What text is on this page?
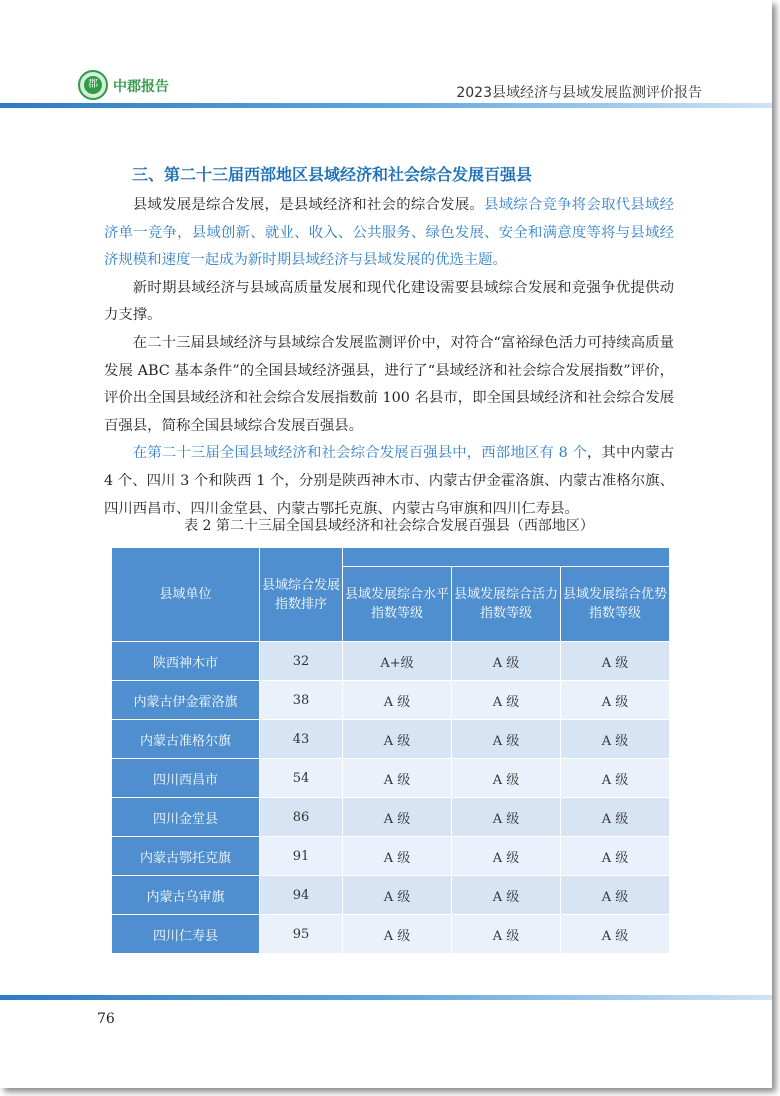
郡 中郡报告	2023县域经济与县域发展监测评价报告
三、第二十三届西部地区县域经济和社会综合发展百强县

县域发展是综合发展，是县域经济和社会的综合发展。县域综合竞争将会取代县域经济单一竞争，县域创新、就业、收入、公共服务、绿色发展、安全和满意度等将与县域经济规模和速度一起成为新时期县域经济与县域发展的优选主题。

新时期县域经济与县域高质量发展和现代化建设需要县域综合发展和竞强争优提供动力支撑。

在二十三届县域经济与县域综合发展监测评价中，对符合“富裕绿色活力可持续高质量发展 ABC 基本条件”的全国县域经济强县，进行了“县域经济和社会综合发展指数”评价，评价出全国县域经济和社会综合发展指数前 100 名县市，即全国县域经济和社会综合发展百强县，简称全国县域综合发展百强县。

在第二十三届全国县域经济和社会综合发展百强县中，西部地区有 8 个，其中内蒙古 4 个、四川 3 个和陕西 1 个，分别是陕西神木市、内蒙古伊金霍洛旗、内蒙古准格尔旗、四川西昌市、四川金堂县、内蒙古鄂托克旗、内蒙古乌审旗和四川仁寿县。

表 2 第二十三届全国县域经济和社会综合发展百强县（西部地区）
县域单位	县域综合发展指数排序			
		县域发展综合水平指数等级	县域发展综合活力指数等级	县域发展综合优势指数等级
陕西神木市	32	A+级	A 级	A 级
内蒙古伊金霍洛旗	38	A 级	A 级	A 级
内蒙古准格尔旗	43	A 级	A 级	A 级
四川西昌市	54	A 级	A 级	A 级
四川金堂县	86	A 级	A 级	A 级
内蒙古鄂托克旗	91	A 级	A 级	A 级
内蒙古乌审旗	94	A 级	A 级	A 级
四川仁寿县	95	A 级	A 级	A 级
76
